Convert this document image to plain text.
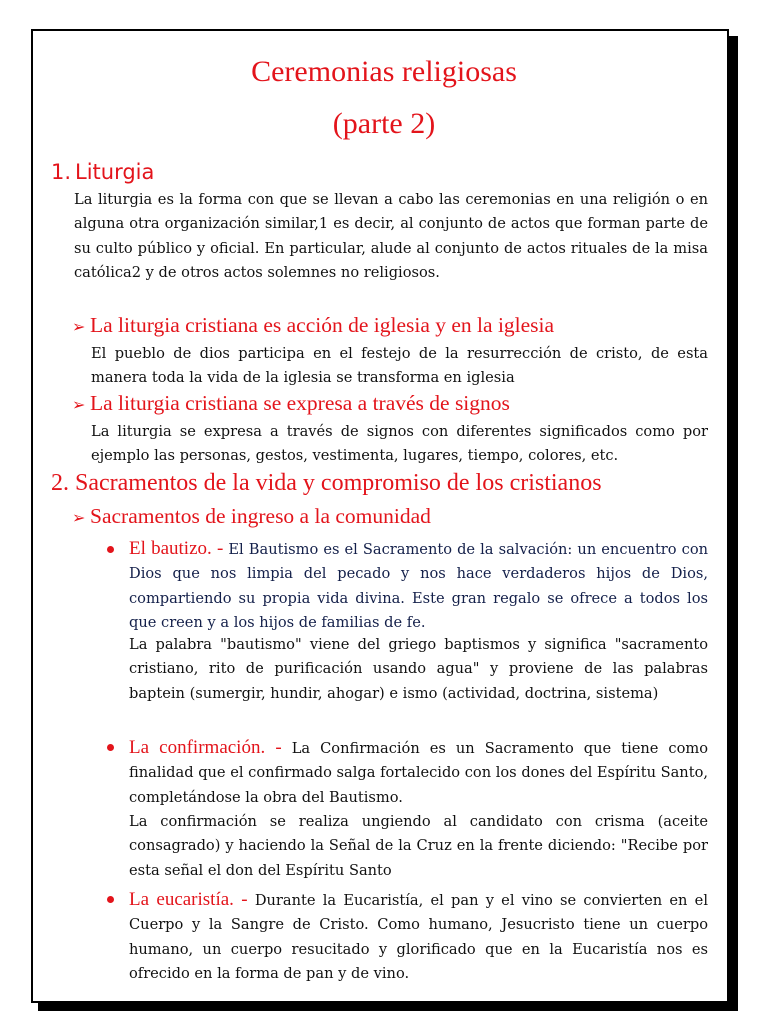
Ceremonias religiosas
(parte 2)
1. Liturgia
La liturgia es la forma con que se llevan a cabo las ceremonias en una religión o en alguna otra organización similar,1 es decir, al conjunto de actos que forman parte de su culto público y oficial. En particular, alude al conjunto de actos rituales de la misa católica2 y de otros actos solemnes no religiosos.
➢ La liturgia cristiana es acción de iglesia y en la iglesia
El pueblo de dios participa en el festejo de la resurrección de cristo, de esta manera toda la vida de la iglesia se transforma en iglesia
➢ La liturgia cristiana se expresa a través de signos
La liturgia se expresa a través de signos con diferentes significados como por ejemplo las personas, gestos, vestimenta, lugares, tiempo, colores, etc.
2. Sacramentos de la vida y compromiso de los cristianos
➢ Sacramentos de ingreso a la comunidad
El bautizo. - El Bautismo es el Sacramento de la salvación: un encuentro con Dios que nos limpia del pecado y nos hace verdaderos hijos de Dios, compartiendo su propia vida divina. Este gran regalo se ofrece a todos los que creen y a los hijos de familias de fe.
La palabra "bautismo" viene del griego baptismos y significa "sacramento cristiano, rito de purificación usando agua" y proviene de las palabras baptein (sumergir, hundir, ahogar) e ismo (actividad, doctrina, sistema)
La confirmación. - La Confirmación es un Sacramento que tiene como finalidad que el confirmado salga fortalecido con los dones del Espíritu Santo, completándose la obra del Bautismo.
La confirmación se realiza ungiendo al candidato con crisma (aceite consagrado) y haciendo la Señal de la Cruz en la frente diciendo: "Recibe por esta señal el don del Espíritu Santo
La eucaristía. - Durante la Eucaristía, el pan y el vino se convierten en el Cuerpo y la Sangre de Cristo. Como humano, Jesucristo tiene un cuerpo humano, un cuerpo resucitado y glorificado que en la Eucaristía nos es ofrecido en la forma de pan y de vino.
